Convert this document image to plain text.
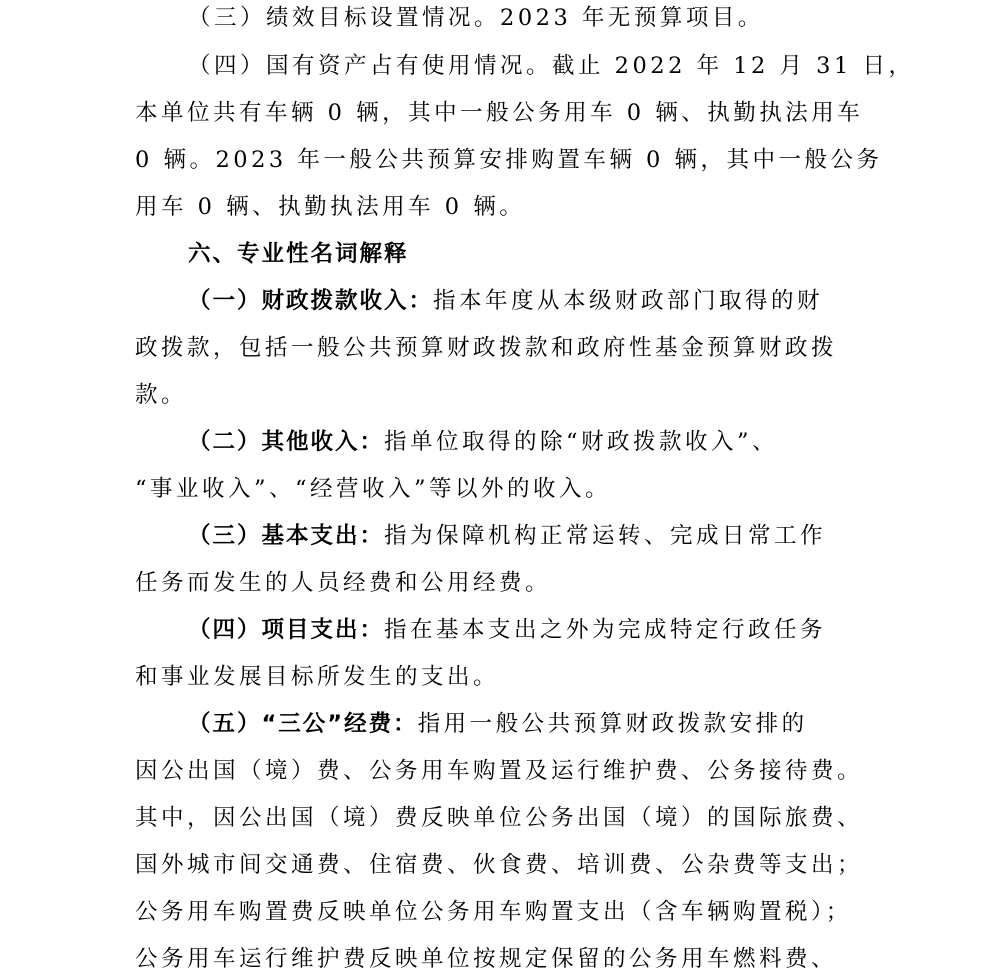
（三）绩效目标设置情况。2023 年无预算项目。
（四）国有资产占有使用情况。截止 2022 年 12 月 31 日，
本单位共有车辆 0 辆，其中一般公务用车 0 辆、执勤执法用车
0 辆。2023 年一般公共预算安排购置车辆 0 辆，其中一般公务
用车 0 辆、执勤执法用车 0 辆。
六、专业性名词解释
（一）财政拨款收入：指本年度从本级财政部门取得的财
政拨款，包括一般公共预算财政拨款和政府性基金预算财政拨
款。
（二）其他收入：指单位取得的除“财政拨款收入”、
“事业收入”、“经营收入”等以外的收入。
（三）基本支出：指为保障机构正常运转、完成日常工作
任务而发生的人员经费和公用经费。
（四）项目支出：指在基本支出之外为完成特定行政任务
和事业发展目标所发生的支出。
（五）“三公”经费：指用一般公共预算财政拨款安排的
因公出国（境）费、公务用车购置及运行维护费、公务接待费。
其中，因公出国（境）费反映单位公务出国（境）的国际旅费、
国外城市间交通费、住宿费、伙食费、培训费、公杂费等支出；
公务用车购置费反映单位公务用车购置支出（含车辆购置税）；
公务用车运行维护费反映单位按规定保留的公务用车燃料费、
